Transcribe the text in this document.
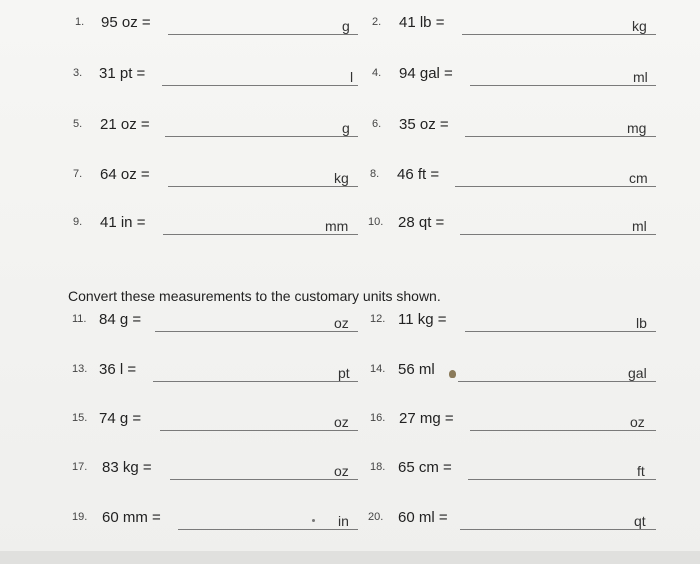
1. 95 oz =	g 2. 41 lb =	kg
3. 31 pt =	l 4. 94 gal =	ml
5. 21 oz =	g 6. 35 oz =	mg
7. 64 oz =	kg 8. 46 ft =	cm
9. 41 in =	mm 10. 28 qt =	ml
Convert these measurements to the customary units shown.
11. 84 g =	oz 12. 11 kg =	lb
13. 36 l =	pt 14. 56 ml	gal
15. 74 g =	oz 16. 27 mg =	oz
17. 83 kg =	oz 18. 65 cm =	ft
19. 60 mm =	in 20. 60 ml =	qt
